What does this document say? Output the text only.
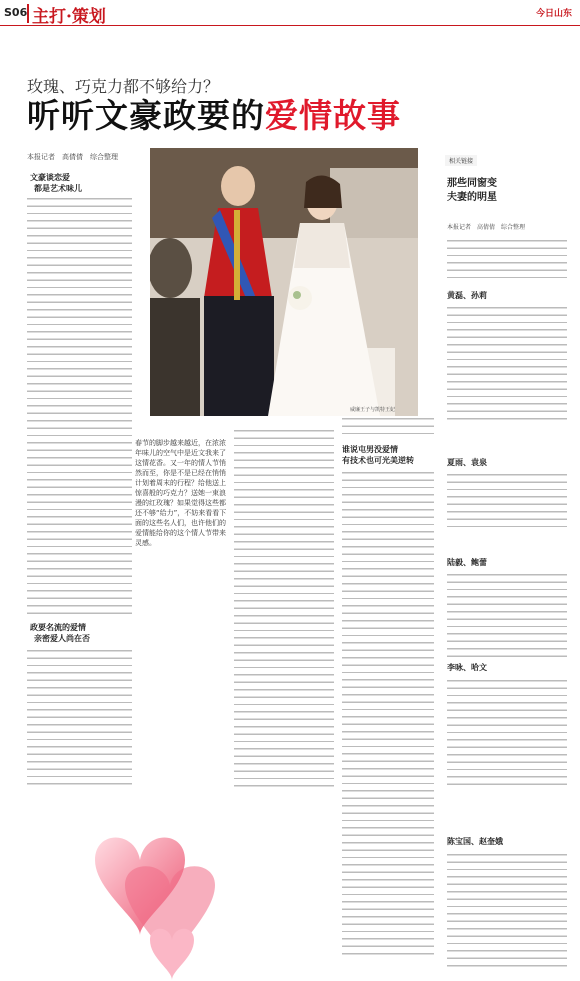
S06 主打·策划	今日山东
玫瑰、巧克力都不够给力？
听听文豪政要的爱情故事
本报记者　高倩倩　综合整理
文豪谈恋爱
都是艺术味儿
政要名流的爱情
亲密爱人尚在否
威廉王子与凯特王妃
春节的脚步越来越近，在浓浓年味儿的空气中是近文我来了这情花香。又一年的情人节悄然而至，你是不是已经在悄悄计划着周末的行程？给他送上惊喜般的巧克力？送她一束浪漫的红玫瑰？如果觉得这些都还不够“给力”，不妨来看看下面的这些名人们，也许他们的爱情能给你的这个情人节带来灵感。
谁说屯男没爱情
有技术也可光美逆转
相关链接
那些同窗变
夫妻的明星
本报记者　高倩倩　综合整理
黄磊、孙莉
夏雨、袁泉
陆毅、鲍蕾
李咏、哈文
陈宝国、赵奎娥
